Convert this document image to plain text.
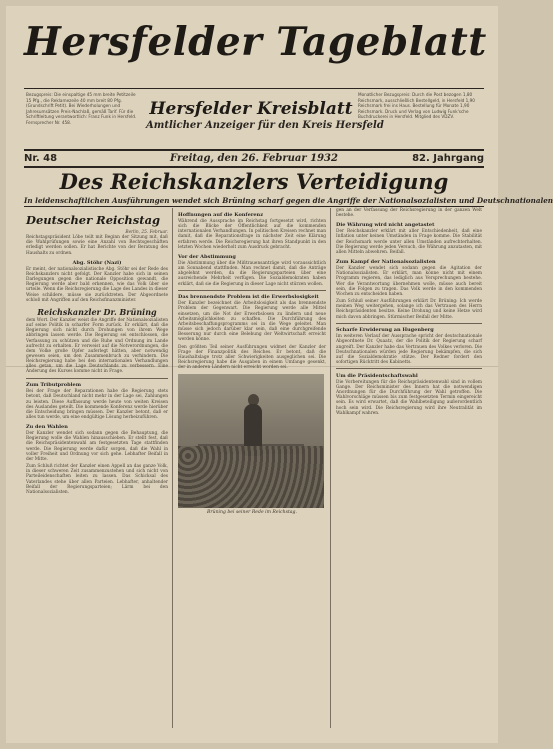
Hersfelder Tageblatt
Bezugspreis: Die einspaltige 45 mm breite Petitzeile 15 Pfg., die Reklamezeile 40 mm breit 80 Pfg. (Grundschrift Petit). Bei Wiederholungen und Jahresumsätzen Preis-Nachlaß, gemäß Tarif. Für die Schriftleitung verantwortlich: Franz Funk in Hersfeld. Fernsprecher Nr. 458.
Hersfelder Kreisblatt
Amtlicher Anzeiger für den Kreis Hersfeld
Monatlicher Bezugspreis: Durch die Post bezogen 1,80 Reichsmark, ausschließlich Bestellgeld, in Hersfeld 1,90 Reichsmark frei ins Haus. Bestellung für Monate 1,90 Reichsmark. Druck und Verlag von Ludwig Funk'sche Buchdruckerei in Hersfeld. Mitglied des VDZV.
Nr. 48	Freitag, den 26. Februar 1932	82. Jahrgang
Des Reichskanzlers Verteidigung
In leidenschaftlichen Ausführungen wendet sich Brüning scharf gegen die Angriffe der Nationalsozialisten und Deutschnationalen
Deutscher Reichstag
Berlin, 25. Februar.
Reichstagspräsident Löbe teilt mit Beginn der Sitzung mit, daß die Wahlprüfungen sowie eine Anzahl von Rechtsgeschäften erledigt werden sollen. Er hat Berichte von der Beratung des Haushalts zu ordnen.
Abg. Stöhr (Nazi)
Er meint, der nationalsozialistische Abg. Stöhr sei der Rede des Reichskanzlers nicht gefolgt. Der Kanzler habe sich in seinen Darlegungen gegen die nationale Opposition gewandt, die Regierung werde aber bald erkennen, wie das Volk über sie urteile. Wenn die Reichsregierung die Lage des Landes in dieser Weise schildere, müsse sie zurücktreten. Der Abgeordnete schloß mit Angriffen auf den Reichsfinanzminister.
Reichskanzler Dr. Brüning
dem Wort. Der Kanzler weist die Angriffe der Nationalsozialisten auf seine Politik in scharfer Form zurück. Er erklärt, daß die Regierung sich nicht durch Drohungen von ihrem Wege abbringen lassen werde. Die Regierung sei entschlossen, die Verfassung zu schützen und die Ruhe und Ordnung im Lande aufrecht zu erhalten. Er verweist auf die Notverordnungen, die dem Volke große Opfer auferlegt hätten, aber notwendig gewesen seien, um den Zusammenbruch zu verhindern. Die Reichsregierung habe bei den internationalen Verhandlungen alles getan, um die Lage Deutschlands zu verbessern. Eine Änderung des Kurses komme nicht in Frage.
Zum Tributproblem
Bei der Frage der Reparationen habe die Regierung stets betont, daß Deutschland nicht mehr in der Lage sei, Zahlungen zu leisten. Diese Auffassung werde heute von weiten Kreisen des Auslandes geteilt. Die kommende Konferenz werde hierüber die Entscheidung bringen müssen. Der Kanzler betont, daß er alles tun werde, um eine endgültige Lösung herbeizuführen.
Zu den Wahlen
Der Kanzler wendet sich sodann gegen die Behauptung, die Regierung wolle die Wahlen hinausschieben. Er stellt fest, daß die Reichspräsidentenwahl am festgesetzten Tage stattfinden werde. Die Regierung werde dafür sorgen, daß die Wahl in voller Freiheit und Ordnung vor sich gehe. Lebhafter Beifall in der Mitte.
Zum Schluß richtet der Kanzler einen Appell an das ganze Volk, in dieser schweren Zeit zusammenzustehen und sich nicht von Parteileidenschaften leiten zu lassen. Das Schicksal des Vaterlandes stehe über allen Parteien. Lebhafter, anhaltender Beifall der Regierungsparteien; Lärm bei den Nationalsozialisten.
Hoffnungen auf die Konferenz
Während die Aussprache im Reichstag fortgesetzt wird, richten sich die Blicke der Öffentlichkeit auf die kommenden internationalen Verhandlungen. In politischen Kreisen rechnet man damit, daß die Reparationsfrage in nächster Zeit eine Klärung erfahren werde. Die Reichsregierung hat ihren Standpunkt in den letzten Wochen wiederholt zum Ausdruck gebracht.
Vor der Abstimmung
Die Abstimmung über die Mißtrauensanträge wird voraussichtlich am Sonnabend stattfinden. Man rechnet damit, daß die Anträge abgelehnt werden, da die Regierungsparteien über eine ausreichende Mehrheit verfügen. Die Sozialdemokraten haben erklärt, daß sie die Regierung in dieser Lage nicht stürzen wollen.
Das brennendste Problem ist die Erwerbslosigkeit
Der Kanzler bezeichnet die Arbeitslosigkeit als das brennendste Problem der Gegenwart. Die Regierung werde alle Mittel einsetzen, um die Not der Erwerbslosen zu lindern und neue Arbeitsmöglichkeiten zu schaffen. Die Durchführung des Arbeitsbeschaffungsprogramms sei in die Wege geleitet. Man müsse sich jedoch darüber klar sein, daß eine durchgreifende Besserung nur durch eine Belebung der Weltwirtschaft erreicht werden könne.
Den größten Teil seiner Ausführungen widmet der Kanzler der Frage der Finanzpolitik des Reiches. Er betont, daß die Haushaltslage trotz aller Schwierigkeiten ausgeglichen sei. Die Reichsregierung habe die Ausgaben in einem Umfange gesenkt, der in anderen Ländern nicht erreicht worden sei.
Brüning bei seiner Rede im Reichstag.
gen an der Verfassung der Reichsregierung in der ganzen Welt bestehe.
Die Währung wird nicht angetastet
Der Reichskanzler erklärt mit aller Entschiedenheit, daß eine Inflation unter keinen Umständen in Frage komme. Die Stabilität der Reichsmark werde unter allen Umständen aufrechterhalten. Die Regierung werde jeden Versuch, die Währung anzutasten, mit allen Mitteln abwehren. Beifall.
Zum Kampf der Nationalsozialisten
Der Kanzler wendet sich sodann gegen die Agitation der Nationalsozialisten. Er erklärt, man könne nicht mit einem Programm regieren, das lediglich aus Versprechungen bestehe. Wer die Verantwortung übernehmen wolle, müsse auch bereit sein, die Folgen zu tragen. Das Volk werde in den kommenden Wochen zu entscheiden haben.
Zum Schluß seiner Ausführungen erklärt Dr. Brüning: Ich werde meinen Weg weitergehen, solange ich das Vertrauen des Herrn Reichspräsidenten besitze. Keine Drohung und keine Hetze wird mich davon abbringen. Stürmischer Beifall der Mitte.
Scharfe Erwiderung an Hugenberg
Im weiteren Verlauf der Aussprache spricht der deutschnationale Abgeordnete Dr. Quaatz, der die Politik der Regierung scharf angreift. Der Kanzler habe das Vertrauen des Volkes verloren. Die Deutschnationalen würden jede Regierung bekämpfen, die sich auf die Sozialdemokratie stütze. Der Redner fordert den sofortigen Rücktritt des Kabinetts.
Um die Präsidentschaftswahl
Die Vorbereitungen für die Reichspräsidentenwahl sind in vollem Gange. Der Reichsminister des Innern hat die notwendigen Anordnungen für die Durchführung der Wahl getroffen. Die Wahlvorschläge müssen bis zum festgesetzten Termin eingereicht sein. Es wird erwartet, daß die Wahlbeteiligung außerordentlich hoch sein wird. Die Reichsregierung wird ihre Neutralität im Wahlkampf wahren.
